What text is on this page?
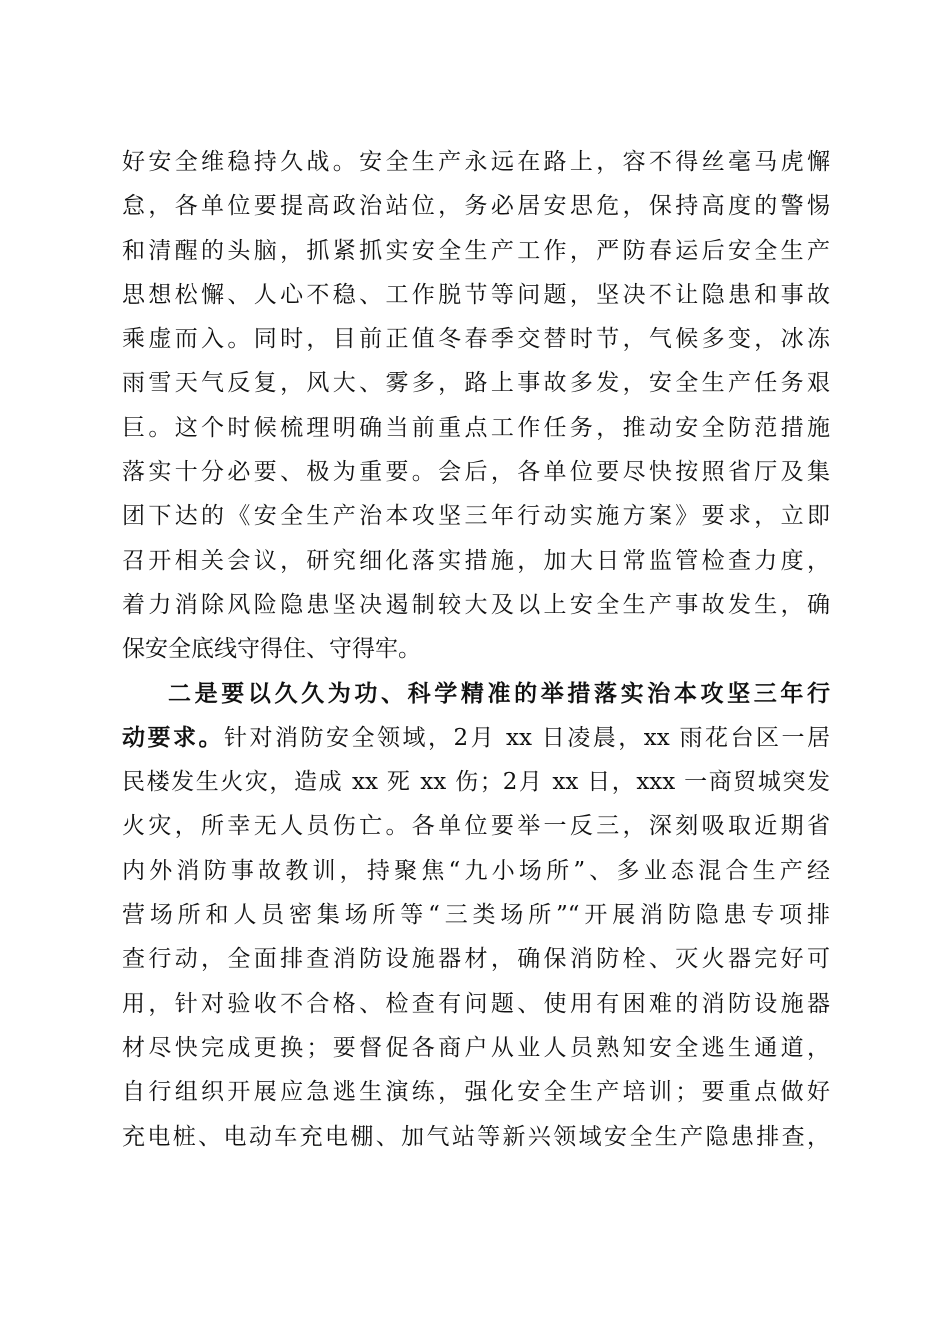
好安全维稳持久战。安全生产永远在路上，容不得丝毫马虎懈
怠，各单位要提高政治站位，务必居安思危，保持高度的警惕
和清醒的头脑，抓紧抓实安全生产工作，严防春运后安全生产
思想松懈、人心不稳、工作脱节等问题，坚决不让隐患和事故
乘虚而入。同时，目前正值冬春季交替时节，气候多变，冰冻
雨雪天气反复，风大、雾多，路上事故多发，安全生产任务艰
巨。这个时候梳理明确当前重点工作任务，推动安全防范措施
落实十分必要、极为重要。会后，各单位要尽快按照省厅及集
团下达的《安全生产治本攻坚三年行动实施方案》要求，立即
召开相关会议，研究细化落实措施，加大日常监管检查力度，
着力消除风险隐患坚决遏制较大及以上安全生产事故发生，确
保安全底线守得住、守得牢。
二是要以久久为功、科学精准的举措落实治本攻坚三年行
动要求。针对消防安全领域，2月 xx 日凌晨，xx 雨花台区一居
民楼发生火灾，造成 xx 死 xx 伤；2月 xx 日，xxx 一商贸城突发
火灾，所幸无人员伤亡。各单位要举一反三，深刻吸取近期省
内外消防事故教训，持聚焦“九小场所”、多业态混合生产经
营场所和人员密集场所等“三类场所”“开展消防隐患专项排
查行动，全面排查消防设施器材，确保消防栓、灭火器完好可
用，针对验收不合格、检查有问题、使用有困难的消防设施器
材尽快完成更换；要督促各商户从业人员熟知安全逃生通道，
自行组织开展应急逃生演练，强化安全生产培训；要重点做好
充电桩、电动车充电棚、加气站等新兴领域安全生产隐患排查，
